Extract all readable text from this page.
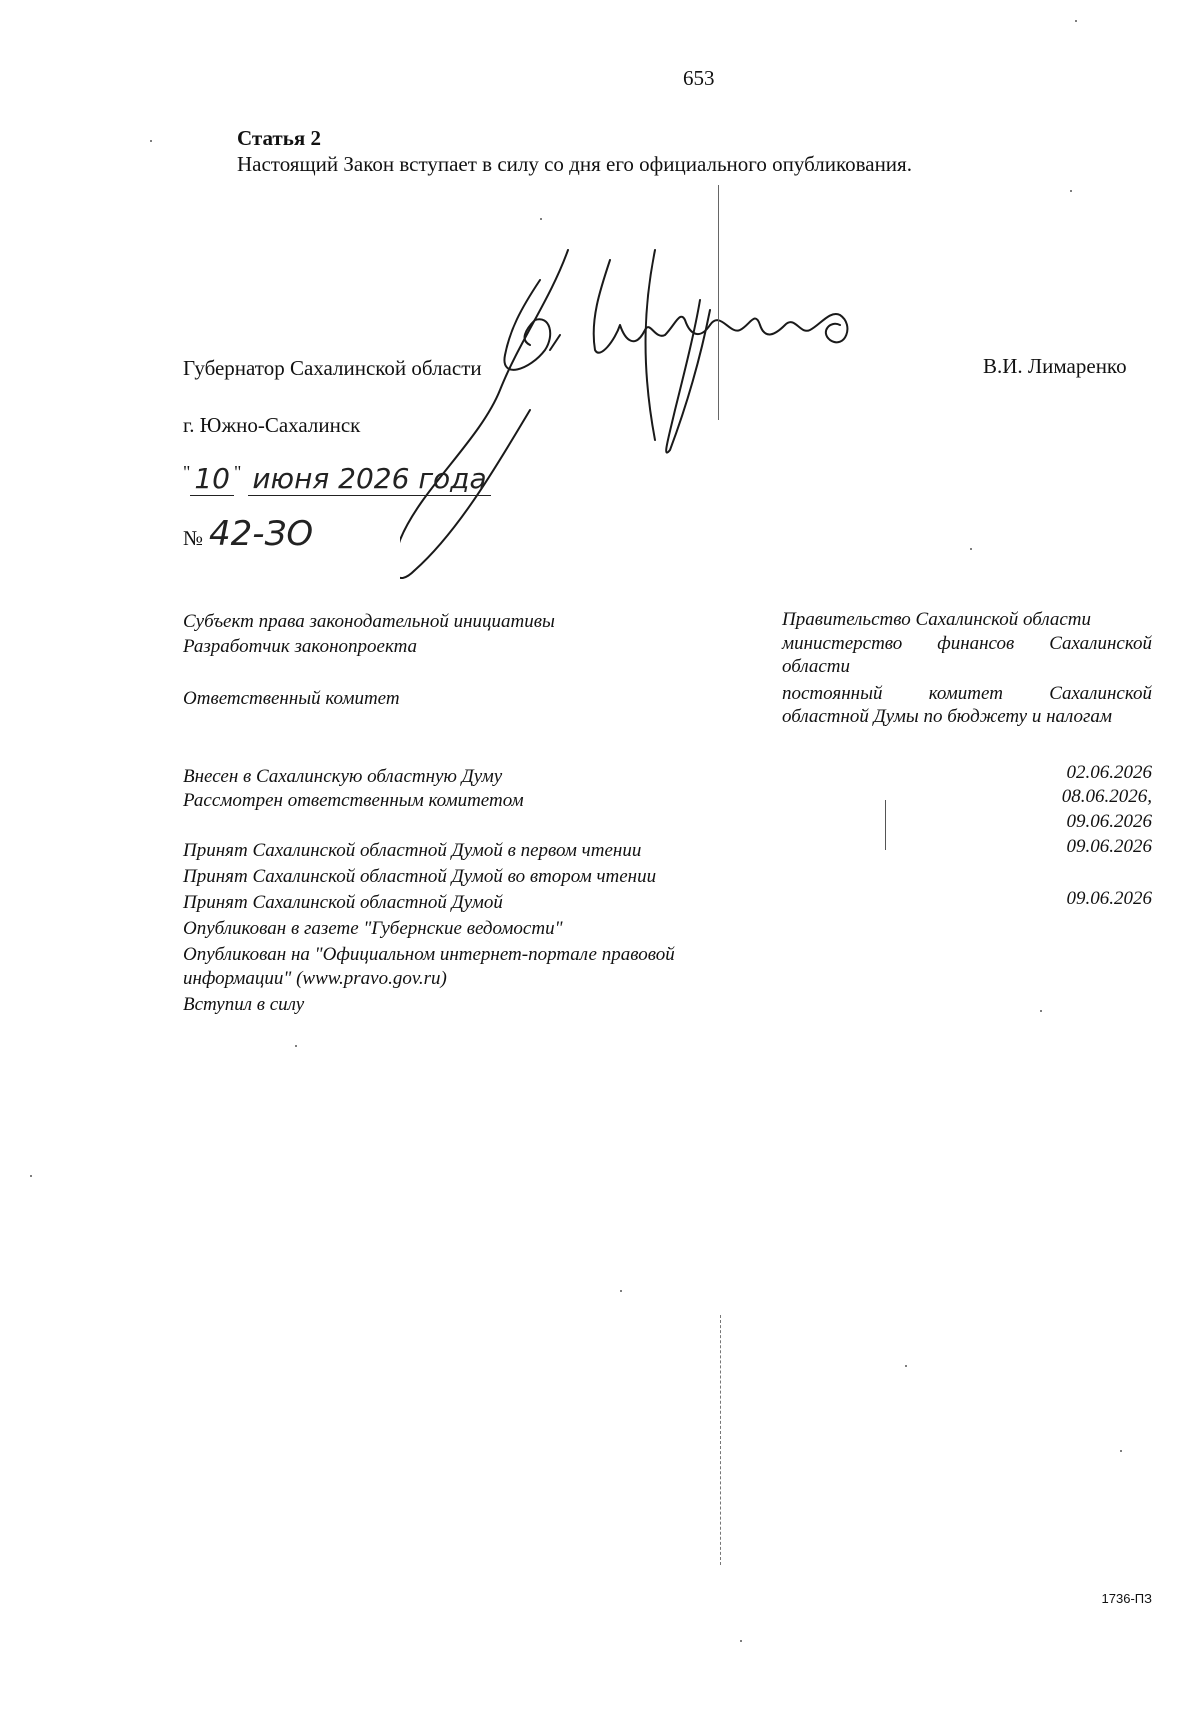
653
Статья 2
Настоящий Закон вступает в силу со дня его официального опубликования.
Губернатор Сахалинской области	В.И. Лимаренко
г. Южно-Сахалинск
" 10 " июня 2026 года
№ 42-ЗО
Субъект права законодательной инициативы	Правительство Сахалинской области
Разработчик законопроекта	министерство финансов Сахалинской области
Ответственный комитет	постоянный комитет Сахалинской областной Думы по бюджету и налогам
Внесен в Сахалинскую областную Думу	02.06.2026
Рассмотрен ответственным комитетом	08.06.2026,
09.06.2026
Принят Сахалинской областной Думой в первом чтении	09.06.2026
Принят Сахалинской областной Думой во втором чтении
Принят Сахалинской областной Думой	09.06.2026
Опубликован в газете "Губернские ведомости"
Опубликован на "Официальном интернет-портале правовой
информации" (www.pravo.gov.ru)
Вступил в силу
1736-ПЗ
